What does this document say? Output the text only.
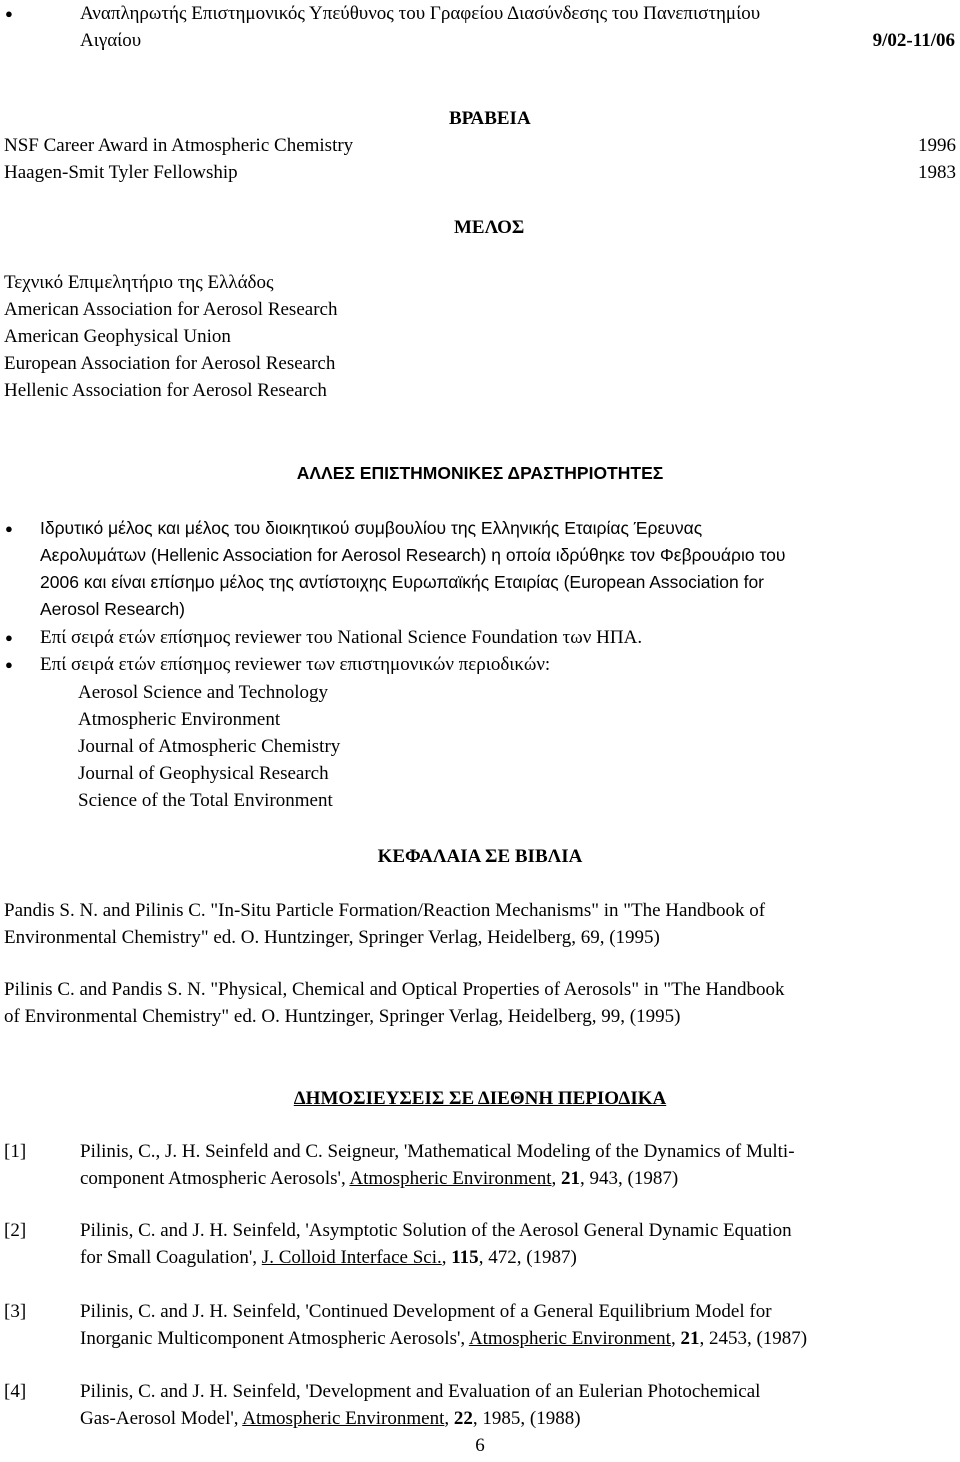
●	Αναπληρωτής Επιστημονικός Υπεύθυνος του Γραφείου Διασύνδεσης του Πανεπιστημίου
Αιγαίου	9/02-11/06
ΒΡΑΒΕΙΑ
NSF Career Award in Atmospheric Chemistry	1996
Haagen-Smit Tyler Fellowship	1983
ΜΕΛΟΣ
Τεχνικό Επιμελητήριο της Ελλάδος
American Association for Aerosol Research
American Geophysical Union
European Association for Aerosol Research
Hellenic Association for Aerosol Research
ΑΛΛΕΣ ΕΠΙΣΤΗΜΟΝΙΚΕΣ ΔΡΑΣΤΗΡΙΟΤΗΤΕΣ
● Ιδρυτικό μέλος και μέλος του διοικητικού συμβουλίου της Ελληνικής Εταιρίας Έρευνας
Αερολυμάτων (Hellenic Association for Aerosol Research) η οποία ιδρύθηκε τον Φεβρουάριο του
2006 και είναι επίσημο μέλος της αντίστοιχης Ευρωπαϊκής Εταιρίας (European Association for
Aerosol Research)
● Επί σειρά ετών επίσημος reviewer του National Science Foundation των ΗΠΑ.
● Επί σειρά ετών επίσημος reviewer των επιστημονικών περιοδικών:
Aerosol Science and Technology
Atmospheric Environment
Journal of Atmospheric Chemistry
Journal of Geophysical Research
Science of the Total Environment
ΚΕΦΑΛΑΙΑ ΣΕ ΒΙΒΛΙΑ
Pandis S. N. and Pilinis C. "In-Situ Particle Formation/Reaction Mechanisms" in "The Handbook of
Environmental Chemistry" ed. O. Huntzinger, Springer Verlag, Heidelberg, 69, (1995)
Pilinis C. and Pandis S. N. "Physical, Chemical and Optical Properties of Aerosols" in "The Handbook
of Environmental Chemistry" ed. O. Huntzinger, Springer Verlag, Heidelberg, 99, (1995)
ΔΗΜΟΣΙΕΥΣΕΙΣ ΣΕ ΔΙΕΘΝΗ ΠΕΡΙΟΔΙΚΑ
[1]	Pilinis, C., J. H. Seinfeld and C. Seigneur, 'Mathematical Modeling of the Dynamics of Multi-
component Atmospheric Aerosols', Atmospheric Environment, 21, 943, (1987)
[2]	Pilinis, C. and J. H. Seinfeld, 'Asymptotic Solution of the Aerosol General Dynamic Equation
for Small Coagulation', J. Colloid Interface Sci., 115, 472, (1987)
[3]	Pilinis, C. and J. H. Seinfeld, 'Continued Development of a General Equilibrium Model for
Inorganic Multicomponent Atmospheric Aerosols', Atmospheric Environment, 21, 2453, (1987)
[4]	Pilinis, C. and J. H. Seinfeld, 'Development and Evaluation of an Eulerian Photochemical
Gas-Aerosol Model', Atmospheric Environment, 22, 1985, (1988)
6
